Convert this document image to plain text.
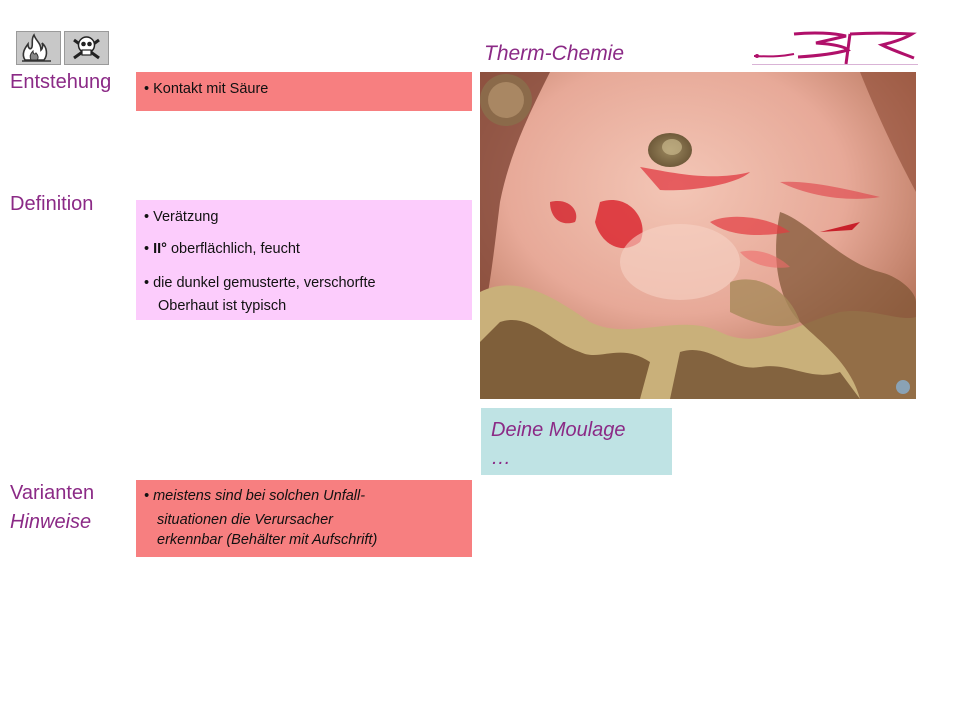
Therm-Chemie
Entstehung • Kontakt mit Säure
Definition
• Verätzung
• II° oberflächlich, feucht
• die dunkel gemusterte, verschorfte
Oberhaut ist typisch
Varianten
Hinweise
• meistens sind bei solchen Unfall-
situationen die Verursacher
erkennbar (Behälter mit Aufschrift)
Deine Moulage
…
